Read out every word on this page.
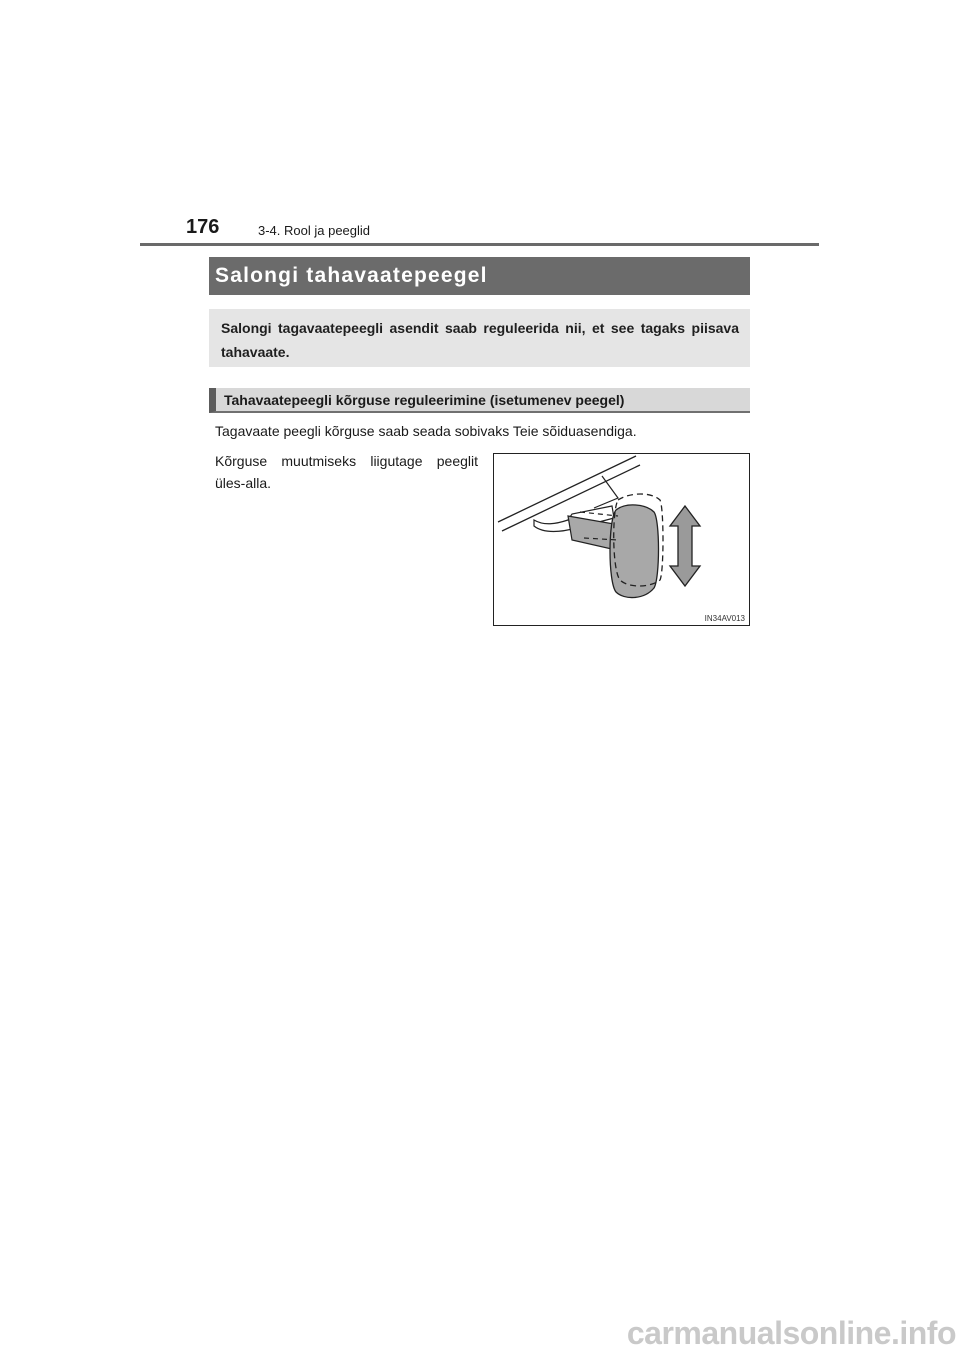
176	3-4. Rool ja peeglid
Salongi tahavaatepeegel
Salongi tagavaatepeegli asendit saab reguleerida nii, et see tagaks piisava tahavaate.
Tahavaatepeegli kõrguse reguleerimine (isetumenev peegel)
Tagavaate peegli kõrguse saab seada sobivaks Teie sõiduasendiga.
Kõrguse muutmiseks liigutage peeglit üles-alla.
IN34AV013
carmanualsonline.info
